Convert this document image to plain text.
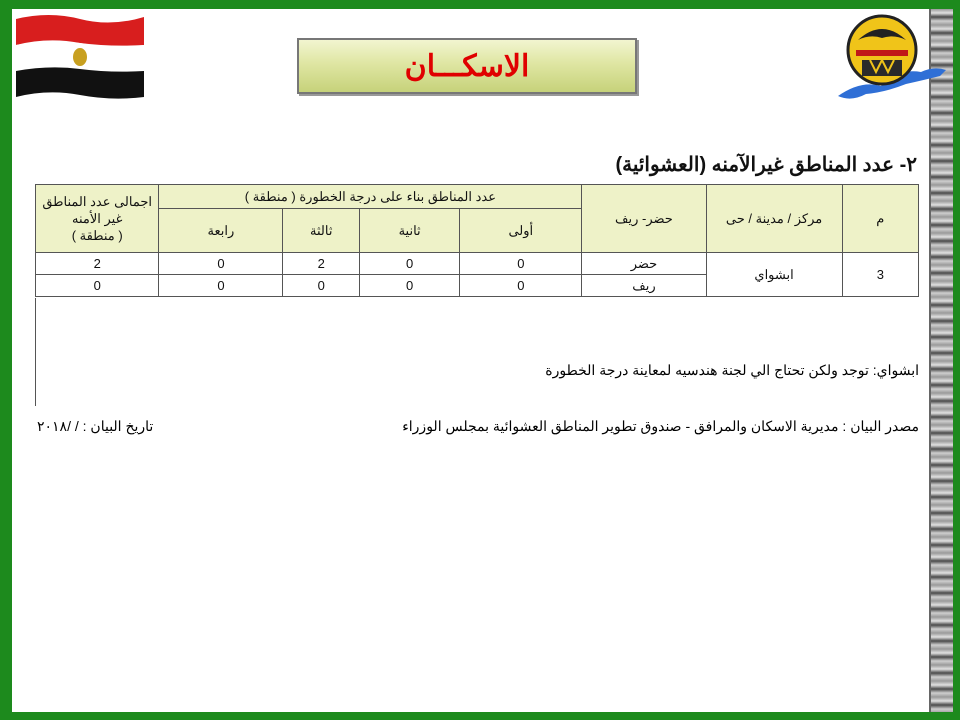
الاسكـــان
٢- عدد المناطق غيرالآمنه (العشوائية)
م	مركز / مدينة / حى	حضر- ريف	عدد المناطق بناء على درجة الخطورة ( منطقة )				اجمالى عدد المناطق
غير الأمنه
( منطقة )

			أولى	ثانية	ثالثة	رابعة	
3	ابشواي	حضر	0	0	2	0	2
		ريف	0	0	0	0	0
ابشواي: توجد ولكن تحتاج الي لجنة هندسيه لمعاينة درجة الخطورة
مصدر البيان : مديرية الاسكان والمرافق - صندوق تطوير المناطق العشوائية بمجلس الوزراء
تاريخ البيان : / /٢٠١٨
